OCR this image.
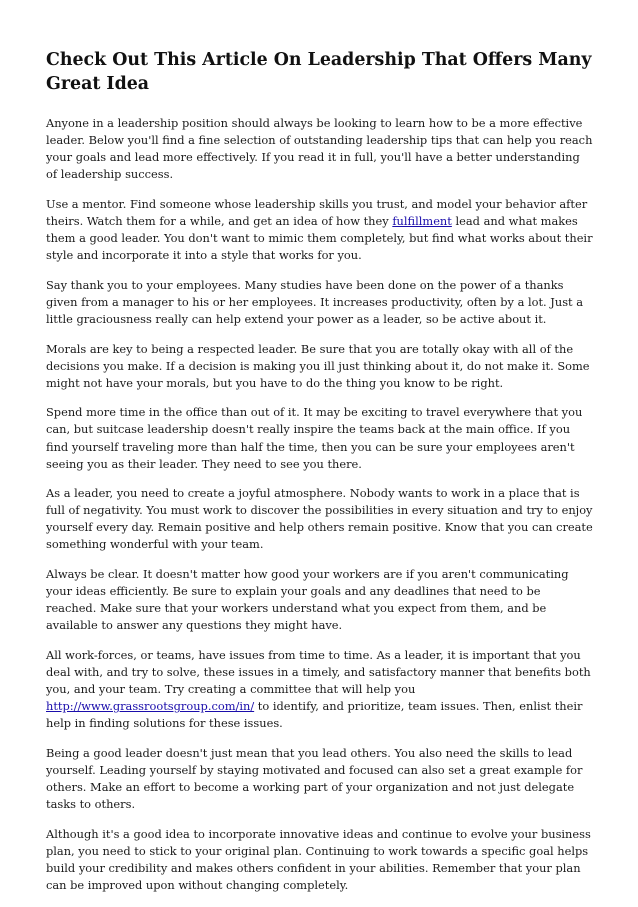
Check Out This Article On Leadership That Offers Many Great Idea

Anyone in a leadership position should always be looking to learn how to be a more effective leader. Below you'll find a fine selection of outstanding leadership tips that can help you reach your goals and lead more effectively. If you read it in full, you'll have a better understanding of leadership success.

Use a mentor. Find someone whose leadership skills you trust, and model your behavior after theirs. Watch them for a while, and get an idea of how they fulfillment lead and what makes them a good leader. You don't want to mimic them completely, but find what works about their style and incorporate it into a style that works for you.

Say thank you to your employees. Many studies have been done on the power of a thanks given from a manager to his or her employees. It increases productivity, often by a lot. Just a little graciousness really can help extend your power as a leader, so be active about it.

Morals are key to being a respected leader. Be sure that you are totally okay with all of the decisions you make. If a decision is making you ill just thinking about it, do not make it. Some might not have your morals, but you have to do the thing you know to be right.

Spend more time in the office than out of it. It may be exciting to travel everywhere that you can, but suitcase leadership doesn't really inspire the teams back at the main office. If you find yourself traveling more than half the time, then you can be sure your employees aren't seeing you as their leader. They need to see you there.

As a leader, you need to create a joyful atmosphere. Nobody wants to work in a place that is full of negativity. You must work to discover the possibilities in every situation and try to enjoy yourself every day. Remain positive and help others remain positive. Know that you can create something wonderful with your team.

Always be clear. It doesn't matter how good your workers are if you aren't communicating your ideas efficiently. Be sure to explain your goals and any deadlines that need to be reached. Make sure that your workers understand what you expect from them, and be available to answer any questions they might have.

All work-forces, or teams, have issues from time to time. As a leader, it is important that you deal with, and try to solve, these issues in a timely, and satisfactory manner that benefits both you, and your team. Try creating a committee that will help you http://www.grassrootsgroup.com/in/ to identify, and prioritize, team issues. Then, enlist their help in finding solutions for these issues.

Being a good leader doesn't just mean that you lead others. You also need the skills to lead yourself. Leading yourself by staying motivated and focused can also set a great example for others. Make an effort to become a working part of your organization and not just delegate tasks to others.

Although it's a good idea to incorporate innovative ideas and continue to evolve your business plan, you need to stick to your original plan. Continuing to work towards a specific goal helps build your credibility and makes others confident in your abilities. Remember that your plan can be improved upon without changing completely.
